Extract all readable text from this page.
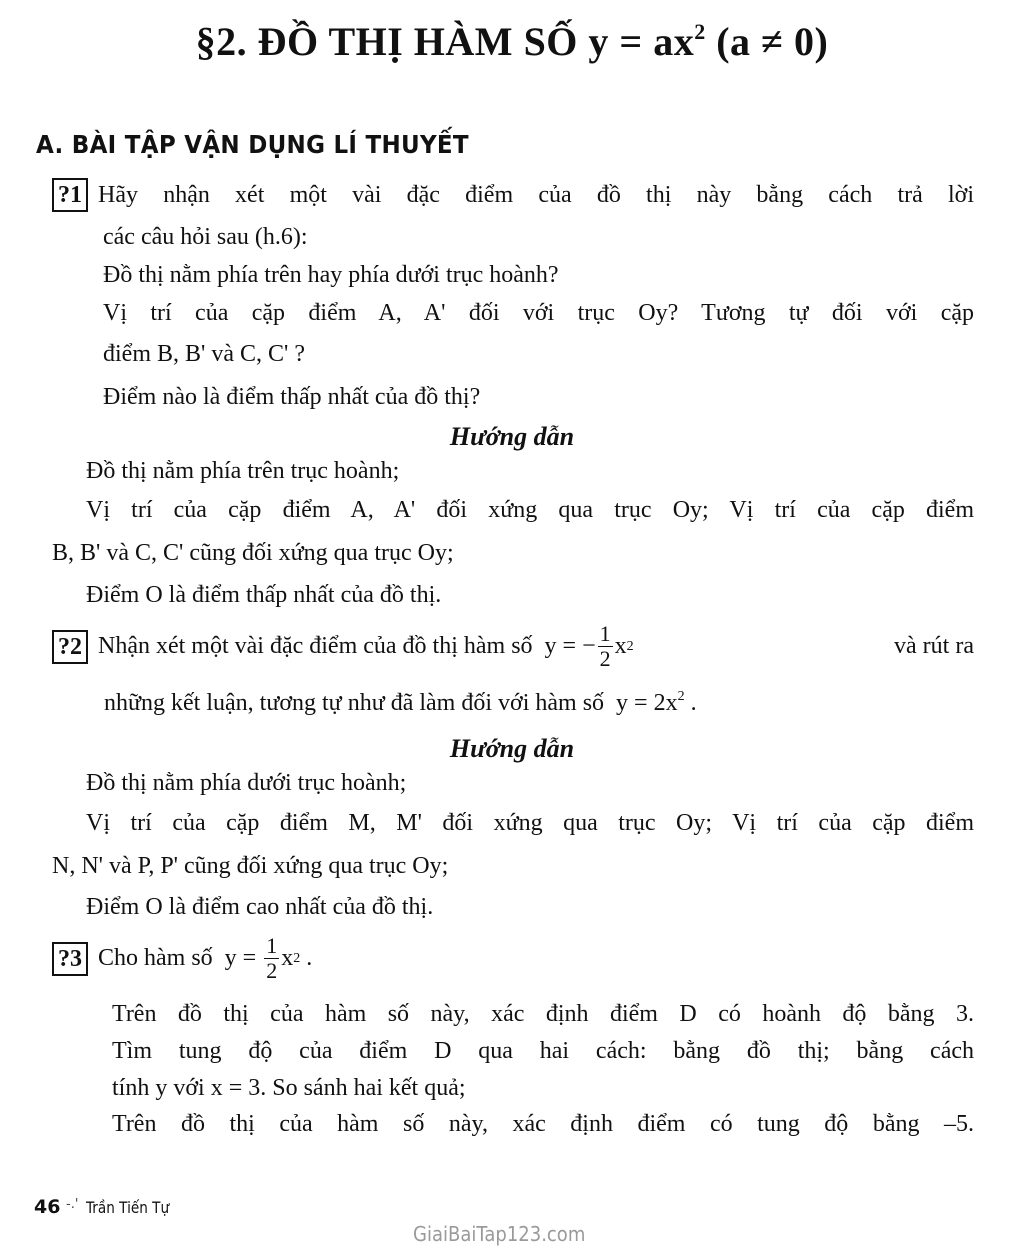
§2. ĐỒ THỊ HÀM SỐ $y = ax^2$ (a ≠ 0)
A. BÀI TẬP VẬN DỤNG LÍ THUYẾT
?1 Hãy nhận xét một vài đặc điểm của đồ thị này bằng cách trả lời
các câu hỏi sau (h.6):
Đồ thị nằm phía trên hay phía dưới trục hoành?
Vị trí của cặp điểm A, A' đối với trục Oy? Tương tự đối với cặp
điểm B, B' và C, C' ?
Điểm nào là điểm thấp nhất của đồ thị?
Hướng dẫn
Đồ thị nằm phía trên trục hoành;
Vị trí của cặp điểm A, A' đối xứng qua trục Oy; Vị trí của cặp điểm
B, B' và C, C' cũng đối xứng qua trục Oy;
Điểm O là điểm thấp nhất của đồ thị.
?2 Nhận xét một vài đặc điểm của đồ thị hàm số  y = − $\frac{1}{2}$ x 2	và rút ra
những kết luận, tương tự như đã làm đối với hàm số  $y = 2x^2$ .
Hướng dẫn
Đồ thị nằm phía dưới trục hoành;
Vị trí của cặp điểm M, M' đối xứng qua trục Oy; Vị trí của cặp điểm
N, N' và P, P' cũng đối xứng qua trục Oy;
Điểm O là điểm cao nhất của đồ thị.
?3 Cho hàm số  $y = \frac{1}{2}$ x 2 .
Trên đồ thị của hàm số này, xác định điểm D có hoành độ bằng 3.
Tìm tung độ của điểm D qua hai cách: bằng đồ thị; bằng cách
tính y với x = 3. So sánh hai kết quả;
Trên đồ thị của hàm số này, xác định điểm có tung độ bằng –5.
46 -.' Trần Tiến Tự
GiaiBaiTap123.com
